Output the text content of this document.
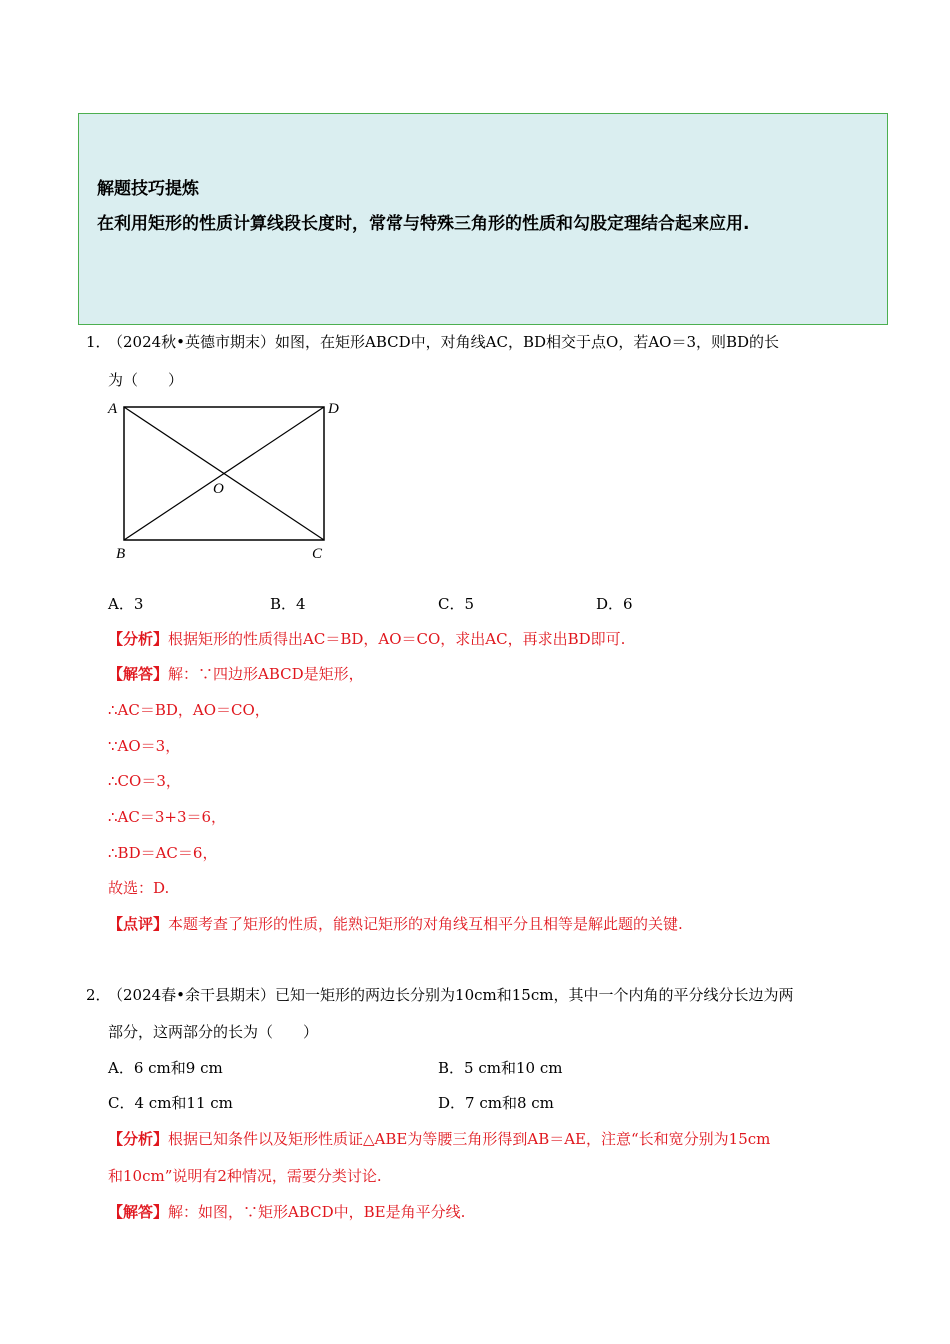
解题技巧提炼
在利用矩形的性质计算线段长度时，常常与特殊三角形的性质和勾股定理结合起来应用.
1．
（2024秋•英德市期末）如图，在矩形ABCD中，对角线AC，BD相交于点O，若AO＝3，则BD的长
为（　　）
A	D
O
B	C
A．3	B．4	C．5	D．6
【分析】根据矩形的性质得出AC＝BD，AO＝CO，求出AC，再求出BD即可.
【解答】解：∵四边形ABCD是矩形，
∴AC＝BD，AO＝CO，
∵AO＝3，
∴CO＝3，
∴AC＝3+3＝6，
∴BD＝AC＝6，
故选：D.
【点评】本题考查了矩形的性质，能熟记矩形的对角线互相平分且相等是解此题的关键.
2．
（2024春•余干县期末）已知一矩形的两边长分别为10cm和15cm，其中一个内角的平分线分长边为两
部分，这两部分的长为（　　）
A．6 cm和9 cm	B．5 cm和10 cm
C．4 cm和11 cm	D．7 cm和8 cm
【分析】根据已知条件以及矩形性质证△ABE为等腰三角形得到AB＝AE，注意“长和宽分别为15cm
和10cm”说明有2种情况，需要分类讨论.
【解答】解：如图，∵矩形ABCD中，BE是角平分线.
